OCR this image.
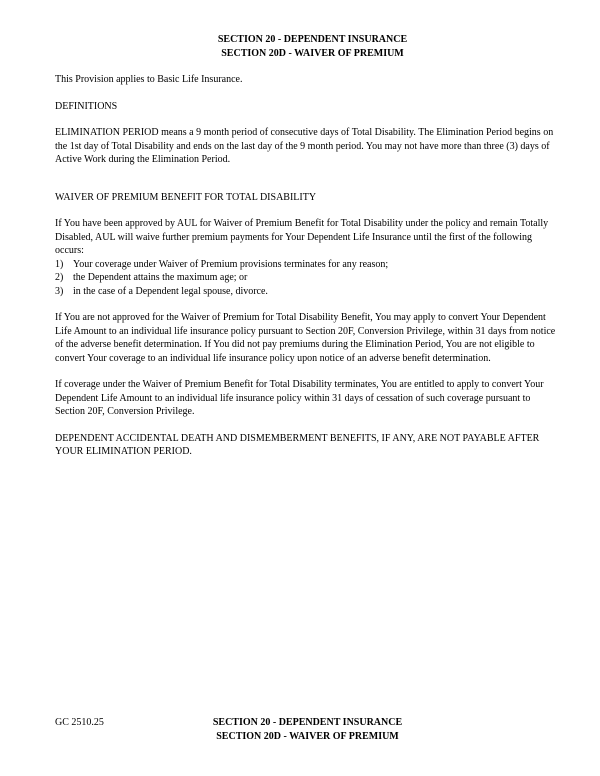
SECTION 20 - DEPENDENT INSURANCE
SECTION 20D - WAIVER OF PREMIUM

This Provision applies to Basic Life Insurance.

DEFINITIONS

ELIMINATION PERIOD means a 9 month period of consecutive days of Total Disability. The Elimination Period begins on the 1st day of Total Disability and ends on the last day of the 9 month period. You may not have more than three (3) days of Active Work during the Elimination Period.

WAIVER OF PREMIUM BENEFIT FOR TOTAL DISABILITY

If You have been approved by AUL for Waiver of Premium Benefit for Total Disability under the policy and remain Totally Disabled, AUL will waive further premium payments for Your Dependent Life Insurance until the first of the following occurs:

1) Your coverage under Waiver of Premium provisions terminates for any reason;
2) the Dependent attains the maximum age; or
3) in the case of a Dependent legal spouse, divorce.

If You are not approved for the Waiver of Premium for Total Disability Benefit, You may apply to convert Your Dependent Life Amount to an individual life insurance policy pursuant to Section 20F, Conversion Privilege, within 31 days from notice of the adverse benefit determination. If You did not pay premiums during the Elimination Period, You are not eligible to convert Your coverage to an individual life insurance policy upon notice of an adverse benefit determination.

If coverage under the Waiver of Premium Benefit for Total Disability terminates, You are entitled to apply to convert Your Dependent Life Amount to an individual life insurance policy within 31 days of cessation of such coverage pursuant to Section 20F, Conversion Privilege.

DEPENDENT ACCIDENTAL DEATH AND DISMEMBERMENT BENEFITS, IF ANY, ARE NOT PAYABLE AFTER YOUR ELIMINATION PERIOD.

GC 2510.25	SECTION 20 - DEPENDENT INSURANCE
SECTION 20D - WAIVER OF PREMIUM
